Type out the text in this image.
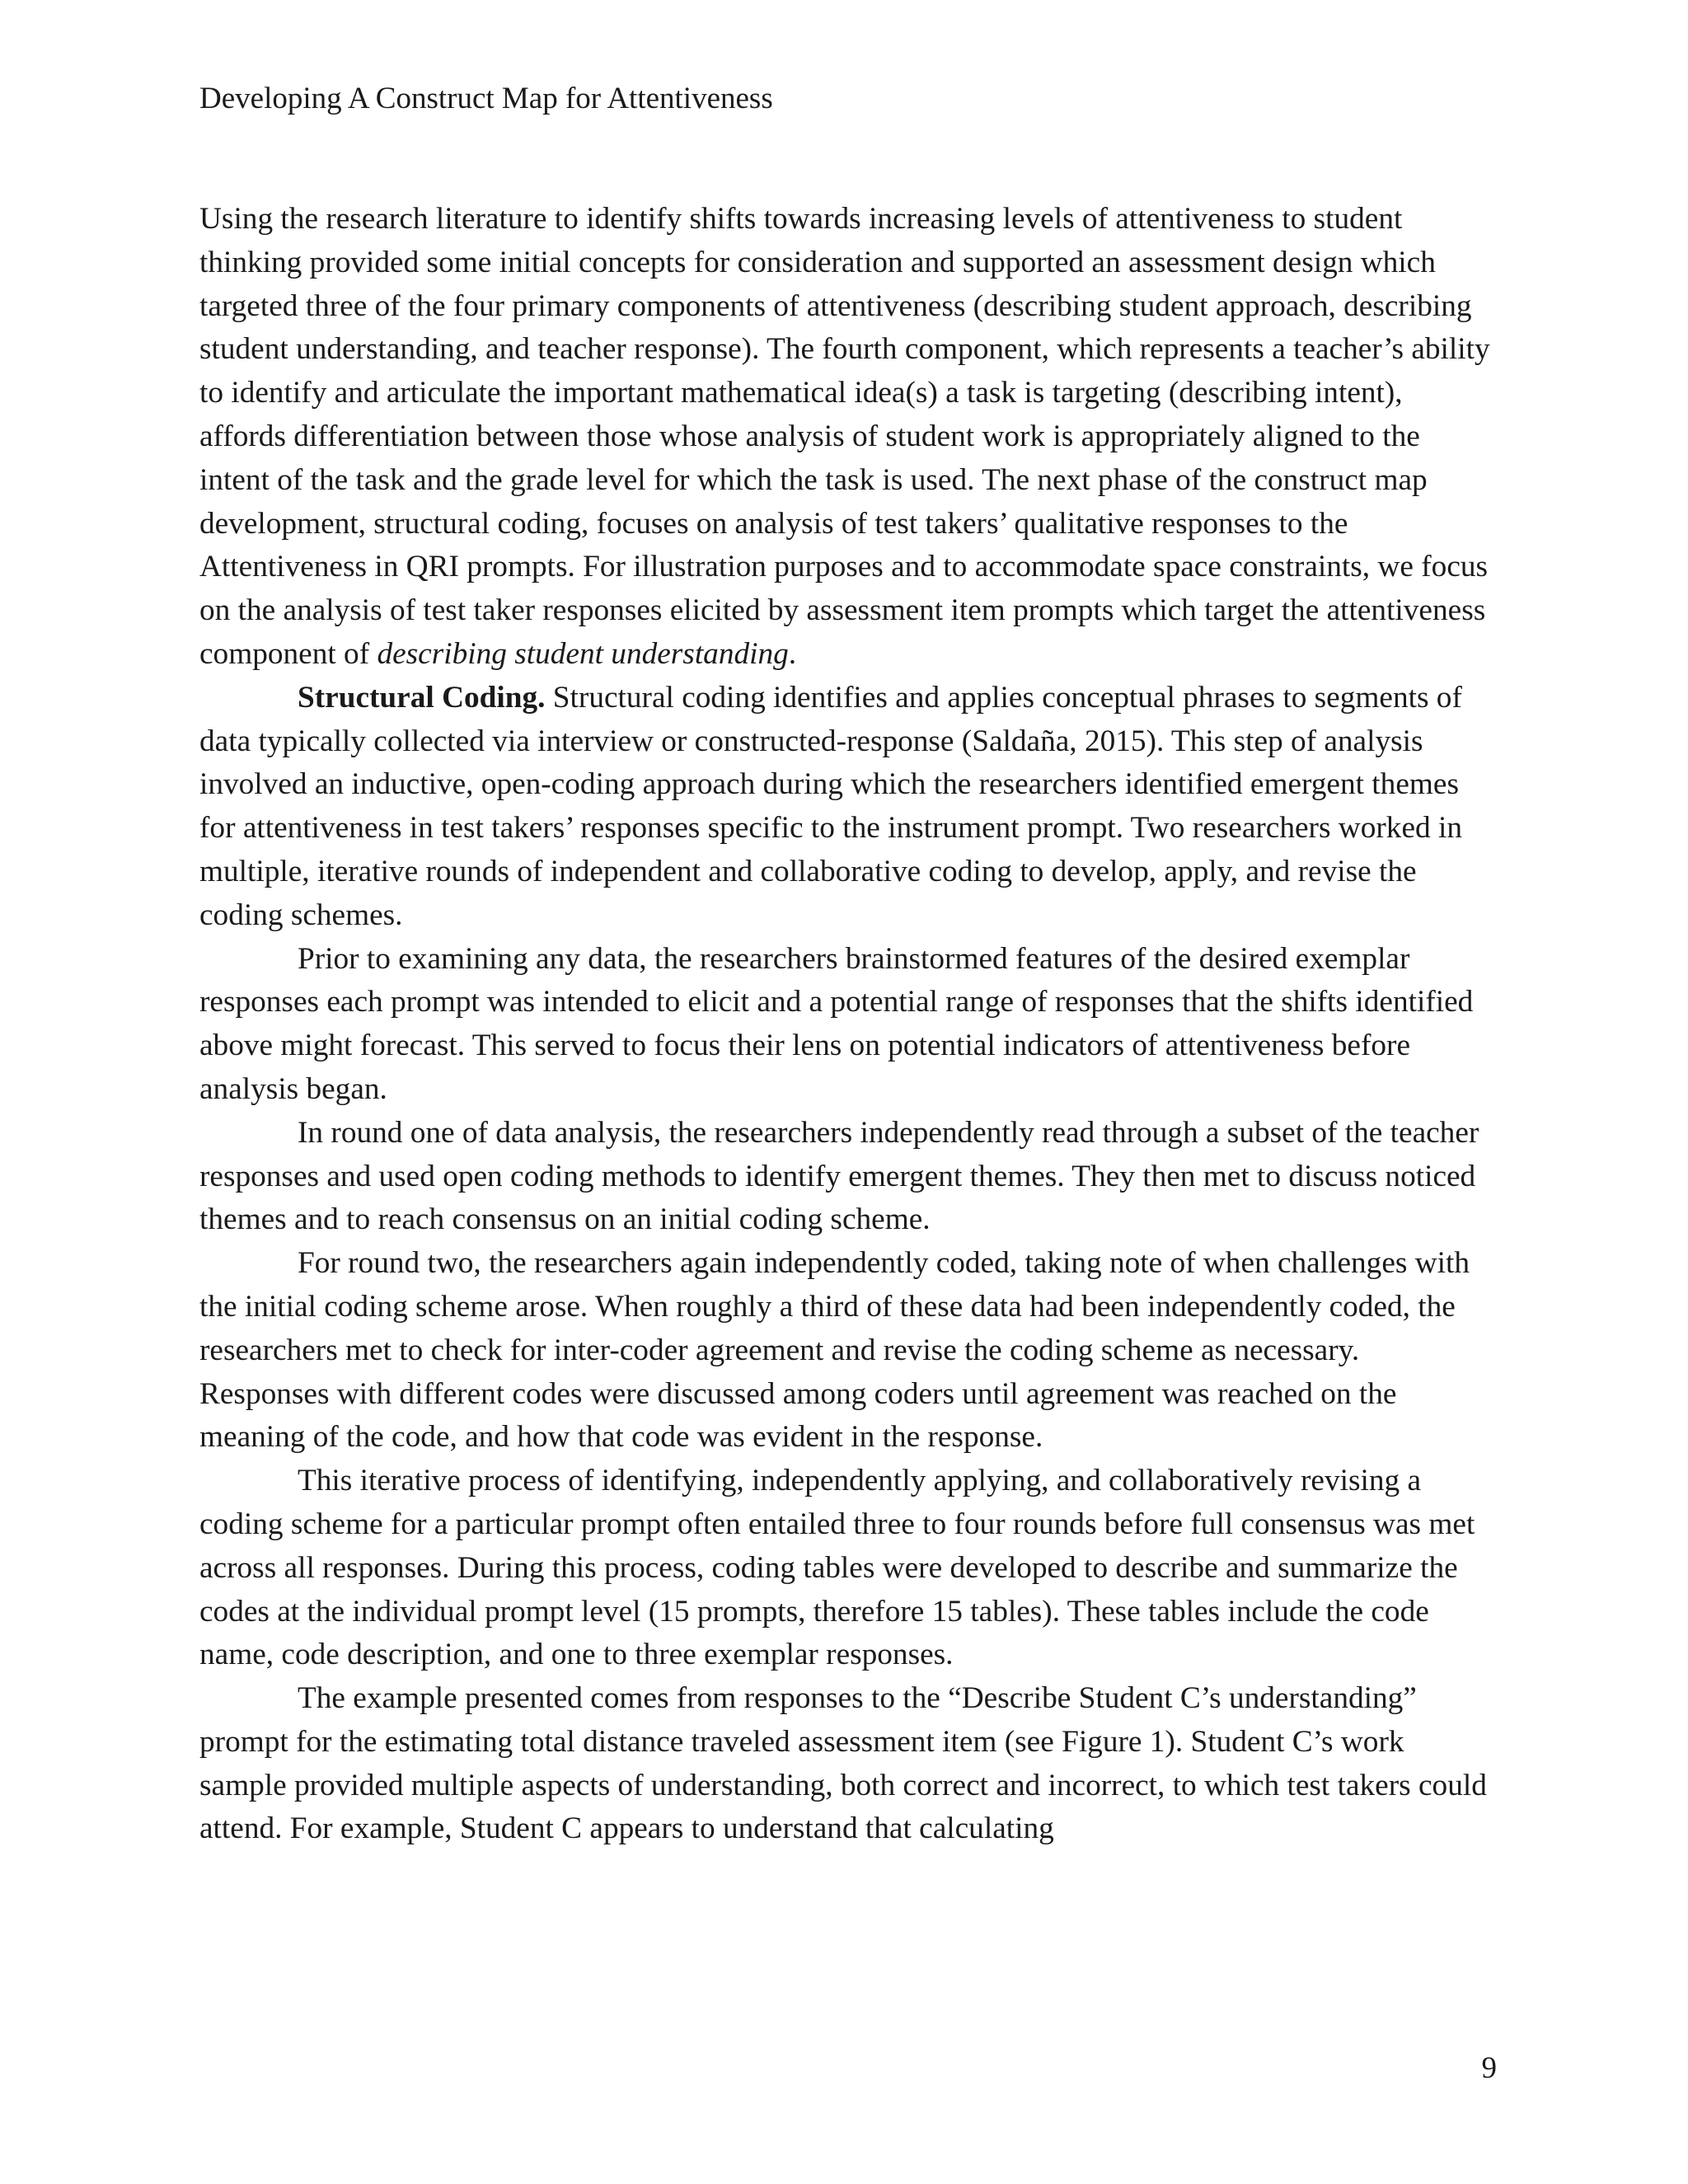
Developing A Construct Map for Attentiveness

Using the research literature to identify shifts towards increasing levels of attentiveness to student thinking provided some initial concepts for consideration and supported an assessment design which targeted three of the four primary components of attentiveness (describing student approach, describing student understanding, and teacher response). The fourth component, which represents a teacher’s ability to identify and articulate the important mathematical idea(s) a task is targeting (describing intent), affords differentiation between those whose analysis of student work is appropriately aligned to the intent of the task and the grade level for which the task is used. The next phase of the construct map development, structural coding, focuses on analysis of test takers’ qualitative responses to the Attentiveness in QRI prompts. For illustration purposes and to accommodate space constraints, we focus on the analysis of test taker responses elicited by assessment item prompts which target the attentiveness component of describing student understanding.

Structural Coding. Structural coding identifies and applies conceptual phrases to segments of data typically collected via interview or constructed-response (Saldaña, 2015). This step of analysis involved an inductive, open-coding approach during which the researchers identified emergent themes for attentiveness in test takers’ responses specific to the instrument prompt. Two researchers worked in multiple, iterative rounds of independent and collaborative coding to develop, apply, and revise the coding schemes.

Prior to examining any data, the researchers brainstormed features of the desired exemplar responses each prompt was intended to elicit and a potential range of responses that the shifts identified above might forecast. This served to focus their lens on potential indicators of attentiveness before analysis began.

In round one of data analysis, the researchers independently read through a subset of the teacher responses and used open coding methods to identify emergent themes. They then met to discuss noticed themes and to reach consensus on an initial coding scheme.

For round two, the researchers again independently coded, taking note of when challenges with the initial coding scheme arose. When roughly a third of these data had been independently coded, the researchers met to check for inter-coder agreement and revise the coding scheme as necessary. Responses with different codes were discussed among coders until agreement was reached on the meaning of the code, and how that code was evident in the response.

This iterative process of identifying, independently applying, and collaboratively revising a coding scheme for a particular prompt often entailed three to four rounds before full consensus was met across all responses. During this process, coding tables were developed to describe and summarize the codes at the individual prompt level (15 prompts, therefore 15 tables). These tables include the code name, code description, and one to three exemplar responses.

The example presented comes from responses to the “Describe Student C’s understanding” prompt for the estimating total distance traveled assessment item (see Figure 1). Student C’s work sample provided multiple aspects of understanding, both correct and incorrect, to which test takers could attend. For example, Student C appears to understand that calculating

9
